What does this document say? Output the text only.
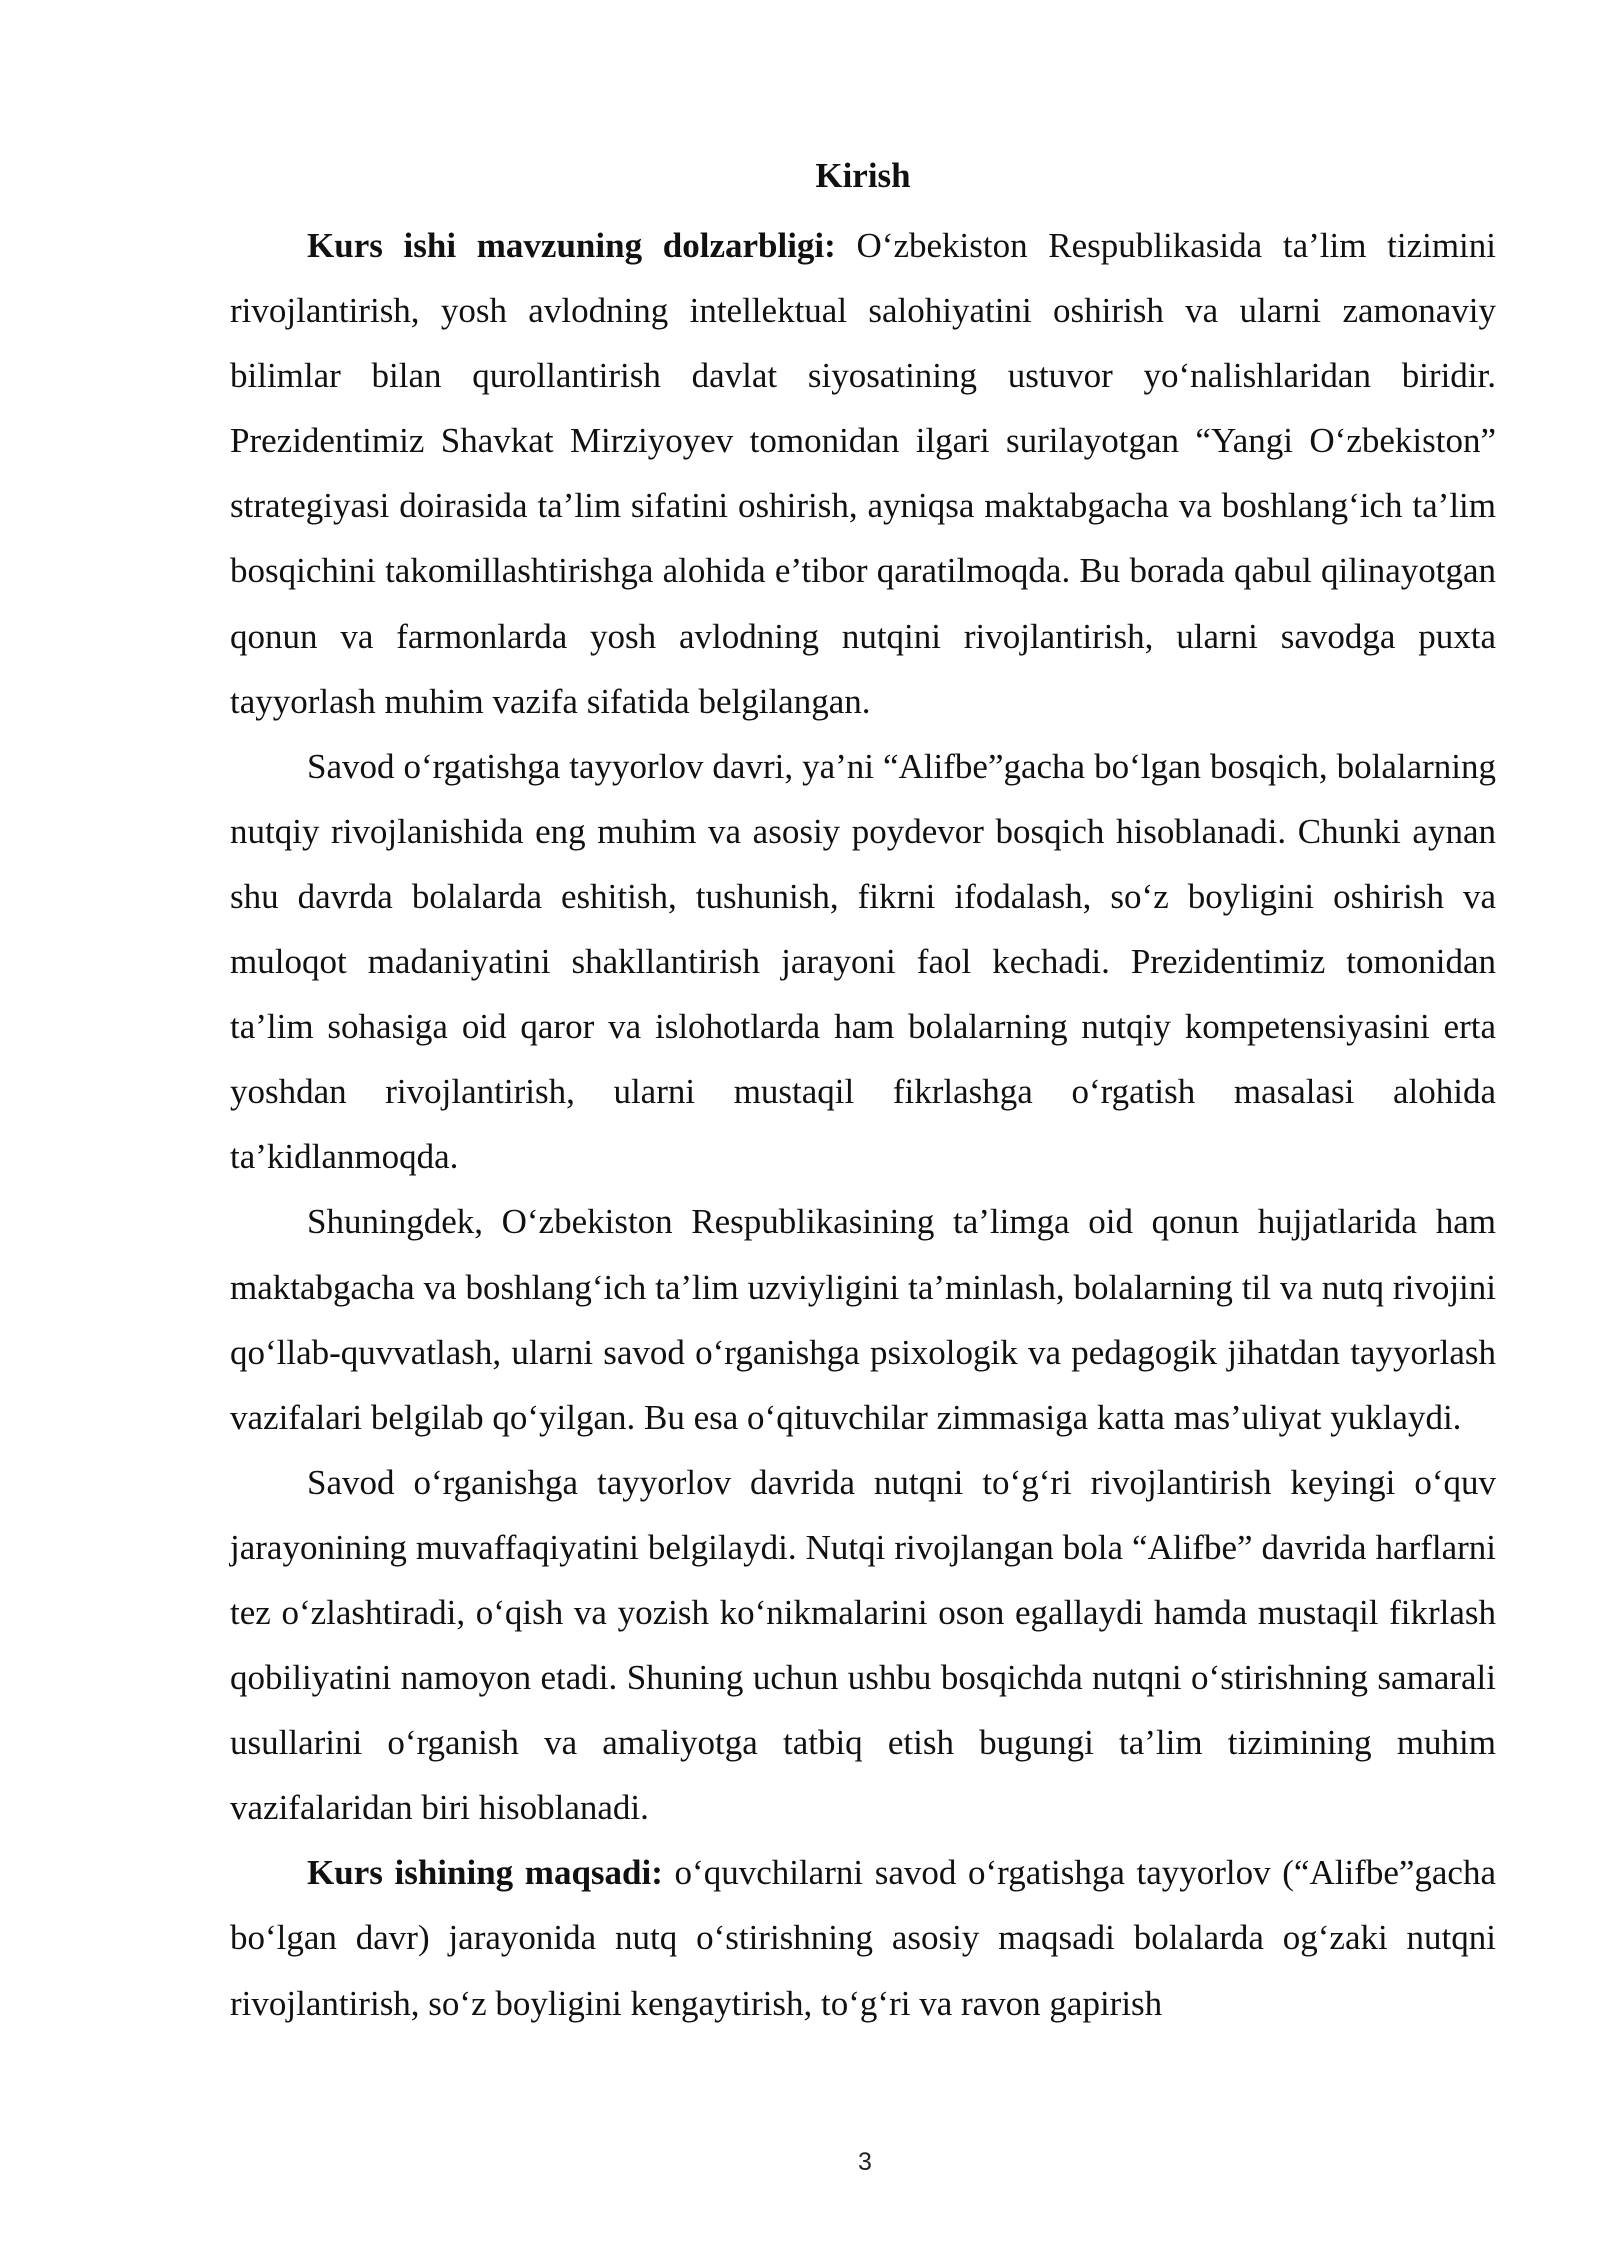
Kirish

Kurs ishi mavzuning dolzarbligi: O‘zbekiston Respublikasida ta’lim tizimini rivojlantirish, yosh avlodning intellektual salohiyatini oshirish va ularni zamonaviy bilimlar bilan qurollantirish davlat siyosatining ustuvor yo‘nalishlaridan biridir. Prezidentimiz Shavkat Mirziyoyev tomonidan ilgari surilayotgan “Yangi O‘zbekiston” strategiyasi doirasida ta’lim sifatini oshirish, ayniqsa maktabgacha va boshlang‘ich ta’lim bosqichini takomillashtirishga alohida e’tibor qaratilmoqda. Bu borada qabul qilinayotgan qonun va farmonlarda yosh avlodning nutqini rivojlantirish, ularni savodga puxta tayyorlash muhim vazifa sifatida belgilangan.

Savod o‘rgatishga tayyorlov davri, ya’ni “Alifbe”gacha bo‘lgan bosqich, bolalarning nutqiy rivojlanishida eng muhim va asosiy poydevor bosqich hisoblanadi. Chunki aynan shu davrda bolalarda eshitish, tushunish, fikrni ifodalash, so‘z boyligini oshirish va muloqot madaniyatini shakllantirish jarayoni faol kechadi. Prezidentimiz tomonidan ta’lim sohasiga oid qaror va islohotlarda ham bolalarning nutqiy kompetensiyasini erta yoshdan rivojlantirish, ularni mustaqil fikrlashga o‘rgatish masalasi alohida ta’kidlanmoqda.

Shuningdek, O‘zbekiston Respublikasining ta’limga oid qonun hujjatlarida ham maktabgacha va boshlang‘ich ta’lim uzviyligini ta’minlash, bolalarning til va nutq rivojini qo‘llab-quvvatlash, ularni savod o‘rganishga psixologik va pedagogik jihatdan tayyorlash vazifalari belgilab qo‘yilgan. Bu esa o‘qituvchilar zimmasiga katta mas’uliyat yuklaydi.

Savod o‘rganishga tayyorlov davrida nutqni to‘g‘ri rivojlantirish keyingi o‘quv jarayonining muvaffaqiyatini belgilaydi. Nutqi rivojlangan bola “Alifbe” davrida harflarni tez o‘zlashtiradi, o‘qish va yozish ko‘nikmalarini oson egallaydi hamda mustaqil fikrlash qobiliyatini namoyon etadi. Shuning uchun ushbu bosqichda nutqni o‘stirishning samarali usullarini o‘rganish va amaliyotga tatbiq etish bugungi ta’lim tizimining muhim vazifalaridan biri hisoblanadi.

Kurs ishining maqsadi: o‘quvchilarni savod o‘rgatishga tayyorlov (“Alifbe”gacha bo‘lgan davr) jarayonida nutq o‘stirishning asosiy maqsadi bolalarda og‘zaki nutqni rivojlantirish, so‘z boyligini kengaytirish, to‘g‘ri va ravon gapirish

3
